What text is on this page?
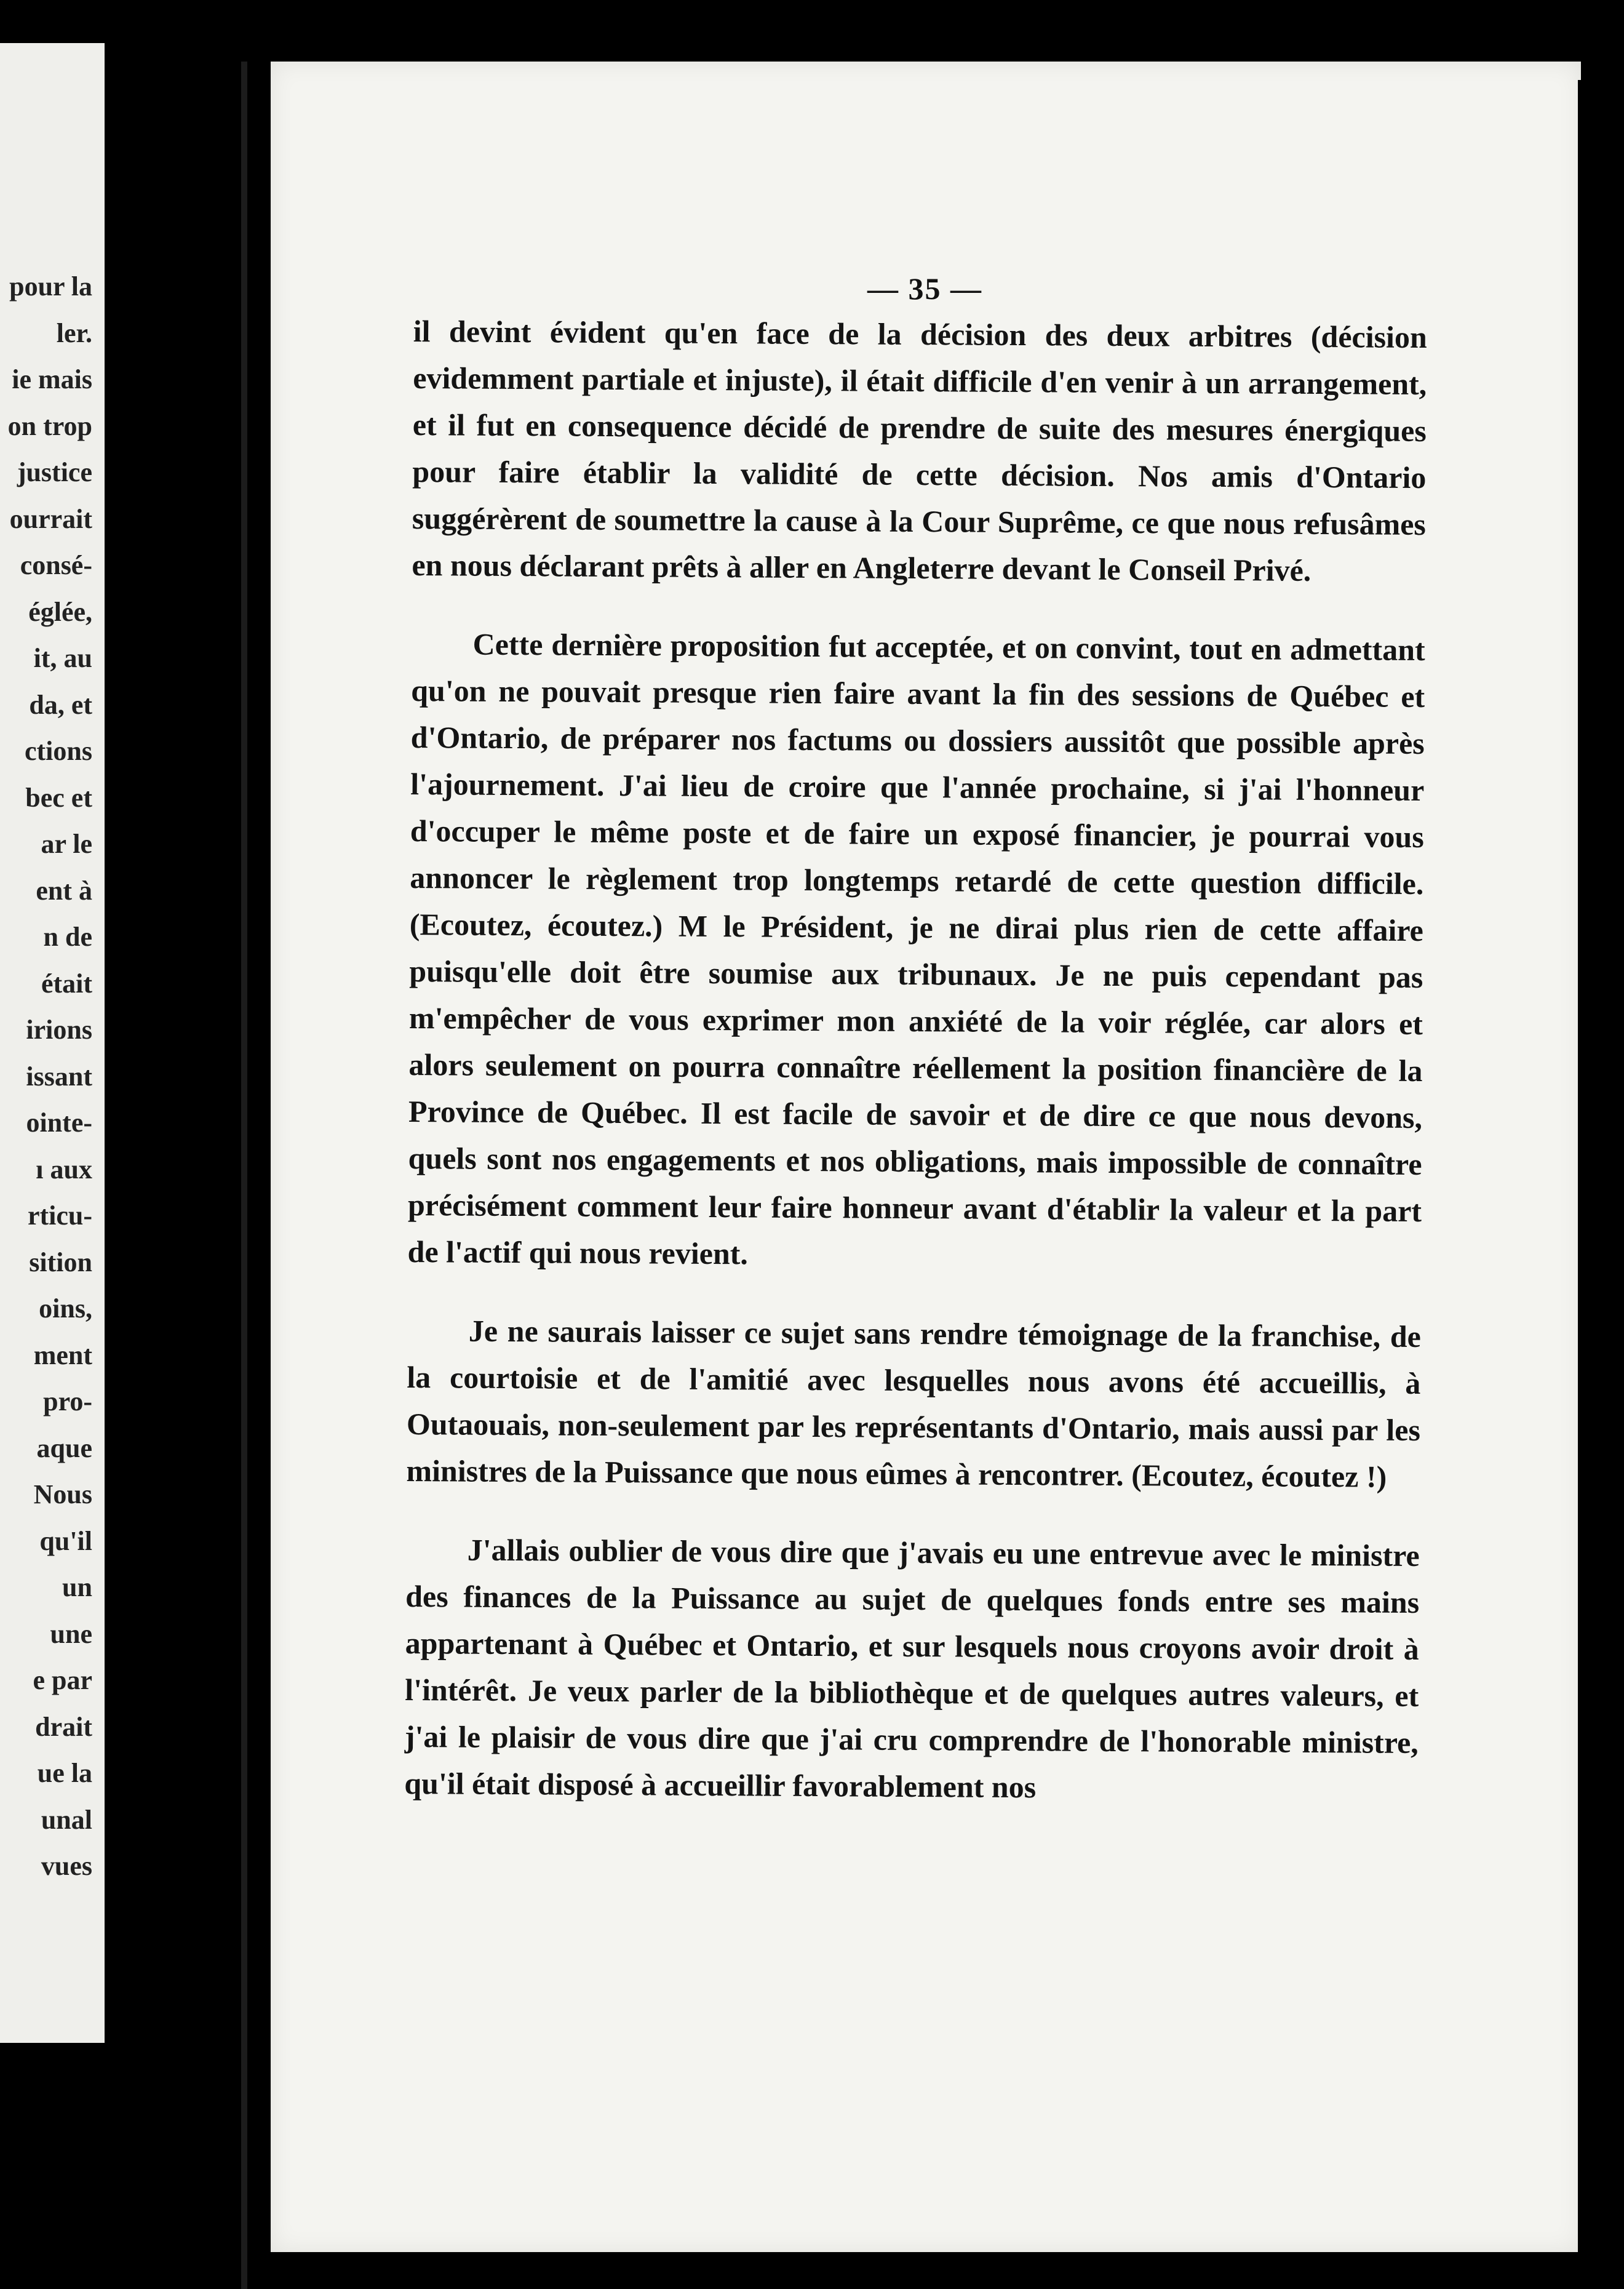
pour la
ler.
ie mais
on trop
justice
ourrait
consé-
églée,
it, au
da, et
ctions
bec et
ar le
ent à
n de
était
irions
issant
ointe-
ı aux
rticu-
sition
oins,
ment
pro-
aque
Nous
qu'il
un
une
e par
drait
ue la
unal
vues
— 35 —

il devint évident qu'en face de la décision des deux arbitres (décision evidemment partiale et injuste), il était difficile d'en venir à un arrangement, et il fut en consequence décidé de prendre de suite des mesures énergiques pour faire établir la validité de cette décision. Nos amis d'Ontario suggérèrent de soumettre la cause à la Cour Suprême, ce que nous refusâmes en nous déclarant prêts à aller en Angleterre devant le Conseil Privé.

Cette dernière proposition fut acceptée, et on convint, tout en admettant qu'on ne pouvait presque rien faire avant la fin des sessions de Québec et d'Ontario, de préparer nos factums ou dossiers aussitôt que possible après l'ajournement. J'ai lieu de croire que l'année prochaine, si j'ai l'honneur d'occuper le même poste et de faire un exposé financier, je pourrai vous annoncer le règlement trop longtemps retardé de cette question difficile. (Ecoutez, écoutez.) M le Président, je ne dirai plus rien de cette affaire puisqu'elle doit être soumise aux tribunaux. Je ne puis cependant pas m'empêcher de vous exprimer mon anxiété de la voir réglée, car alors et alors seulement on pourra connaître réellement la position financière de la Province de Québec. Il est facile de savoir et de dire ce que nous devons, quels sont nos engagements et nos obligations, mais impossible de connaître précisément comment leur faire honneur avant d'établir la valeur et la part de l'actif qui nous revient.

Je ne saurais laisser ce sujet sans rendre témoignage de la franchise, de la courtoisie et de l'amitié avec lesquelles nous avons été accueillis, à Outaouais, non-seulement par les représentants d'Ontario, mais aussi par les ministres de la Puissance que nous eûmes à rencontrer. (Ecoutez, écoutez !)

J'allais oublier de vous dire que j'avais eu une entrevue avec le ministre des finances de la Puissance au sujet de quelques fonds entre ses mains appartenant à Québec et Ontario, et sur lesquels nous croyons avoir droit à l'intérêt. Je veux parler de la bibliothèque et de quelques autres valeurs, et j'ai le plaisir de vous dire que j'ai cru comprendre de l'honorable ministre, qu'il était disposé à accueillir favorablement nos
